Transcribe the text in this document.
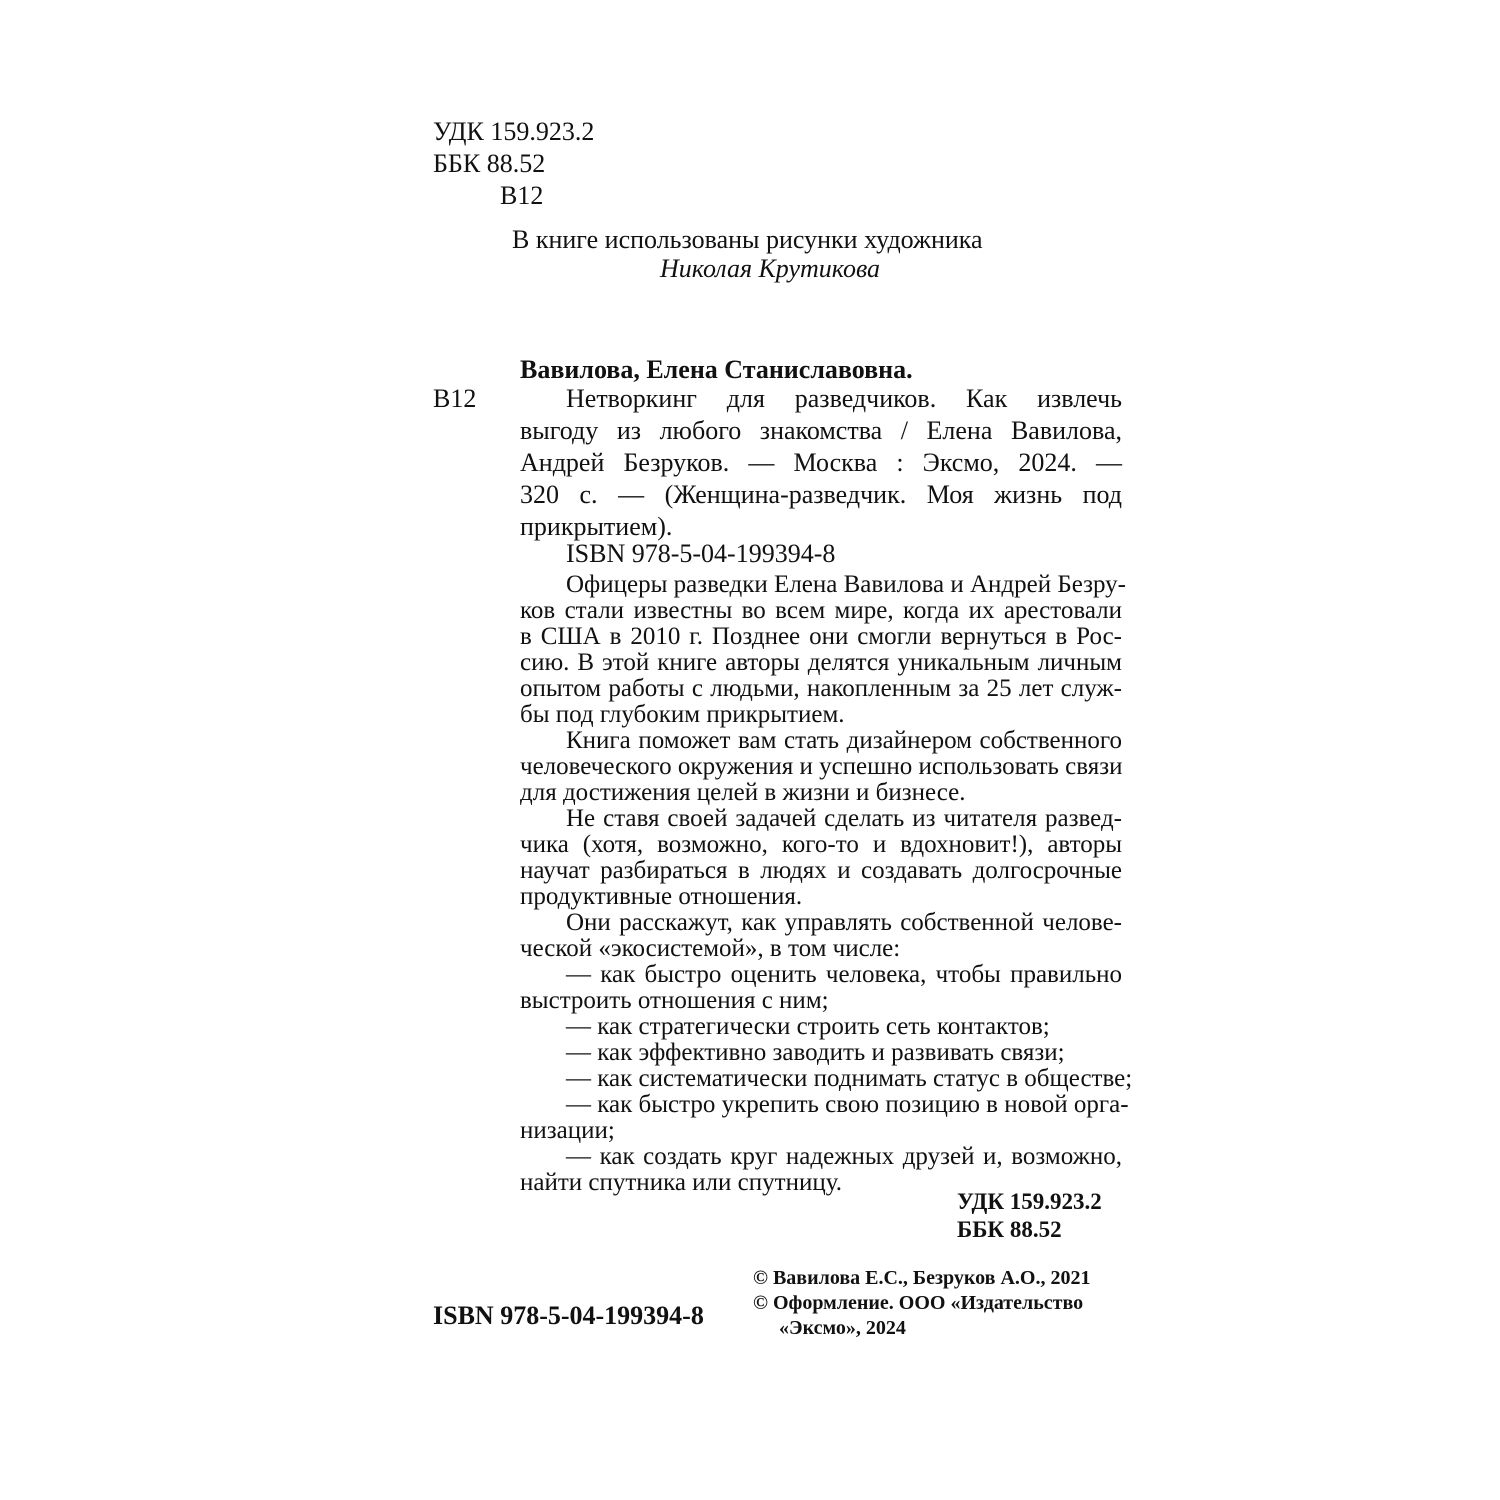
УДК 159.923.2
ББК 88.52
В12
В книге использованы рисунки художника
Николая Крутикова
Вавилова, Елена Станиславовна.
В12	Нетворкинг для разведчиков. Как извлечь
выгоду из любого знакомства / Елена Вавилова,
Андрей Безруков. — Москва : Эксмо, 2024. —
320 с. — (Женщина-разведчик. Моя жизнь под
прикрытием).
ISBN 978-5-04-199394-8
Офицеры разведки Елена Вавилова и Андрей Безру-
ков стали известны во всем мире, когда их арестовали
в США в 2010 г. Позднее они смогли вернуться в Рос-
сию. В этой книге авторы делятся уникальным личным
опытом работы с людьми, накопленным за 25 лет служ-
бы под глубоким прикрытием.
Книга поможет вам стать дизайнером собственного
человеческого окружения и успешно использовать связи
для достижения целей в жизни и бизнесе.
Не ставя своей задачей сделать из читателя развед-
чика (хотя, возможно, кого-то и вдохновит!), авторы
научат разбираться в людях и создавать долгосрочные
продуктивные отношения.
Они расскажут, как управлять собственной челове-
ческой «экосистемой», в том числе:
— как быстро оценить человека, чтобы правильно
выстроить отношения с ним;
— как стратегически строить сеть контактов;
— как эффективно заводить и развивать связи;
— как систематически поднимать статус в обществе;
— как быстро укрепить свою позицию в новой орга-
низации;
— как создать круг надежных друзей и, возможно,
найти спутника или спутницу.
УДК 159.923.2
ББК 88.52
ISBN 978-5-04-199394-8
© Вавилова Е.С., Безруков А.О., 2021
© Оформление. ООО «Издательство
«Эксмо», 2024
